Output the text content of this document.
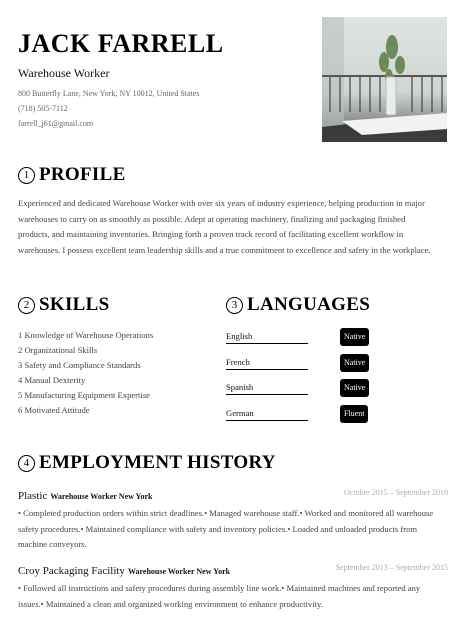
JACK FARRELL
Warehouse Worker
800 Butterfly Lane, New York, NY 10012, United States
(718) 505-7112
farrell_j61@gmail.com
1 PROFILE
Experienced and dedicated Warehouse Worker with over six years of industry experience, helping production in major warehouses to carry on as smoothly as possible. Adept at operating machinery, finalizing and packaging finished products, and maintaining inventories. Bringing forth a proven track record of facilitating excellent workflow in warehouses. I possess excellent team leadership skills and a true commitment to excellence and safety in the workplace.
2 SKILLS
1 Knowledge of Warehouse Operations
2 Organizational Skills
3 Safety and Compliance Standards
4 Manual Dexterity
5 Manufacturing Equipment Expertise
6 Motivated Attitude
3 LANGUAGES
English	Native
French	Native
Spanish	Native
German	Fluent
4 EMPLOYMENT HISTORY
Plastic Warehouse Worker New York	October 2015 – September 2019
• Completed production orders within strict deadlines.• Managed warehouse staff.• Worked and monitored all warehouse safety procedures.• Maintained compliance with safety and inventory policies.• Loaded and unloaded products from machine conveyors.
Croy Packaging Facility Warehouse Worker New York	September 2013 – September 2015
• Followed all instructions and safety procedures during assembly line work.• Maintained machines and reported any issues.• Maintained a clean and organized working environment to enhance productivity.
